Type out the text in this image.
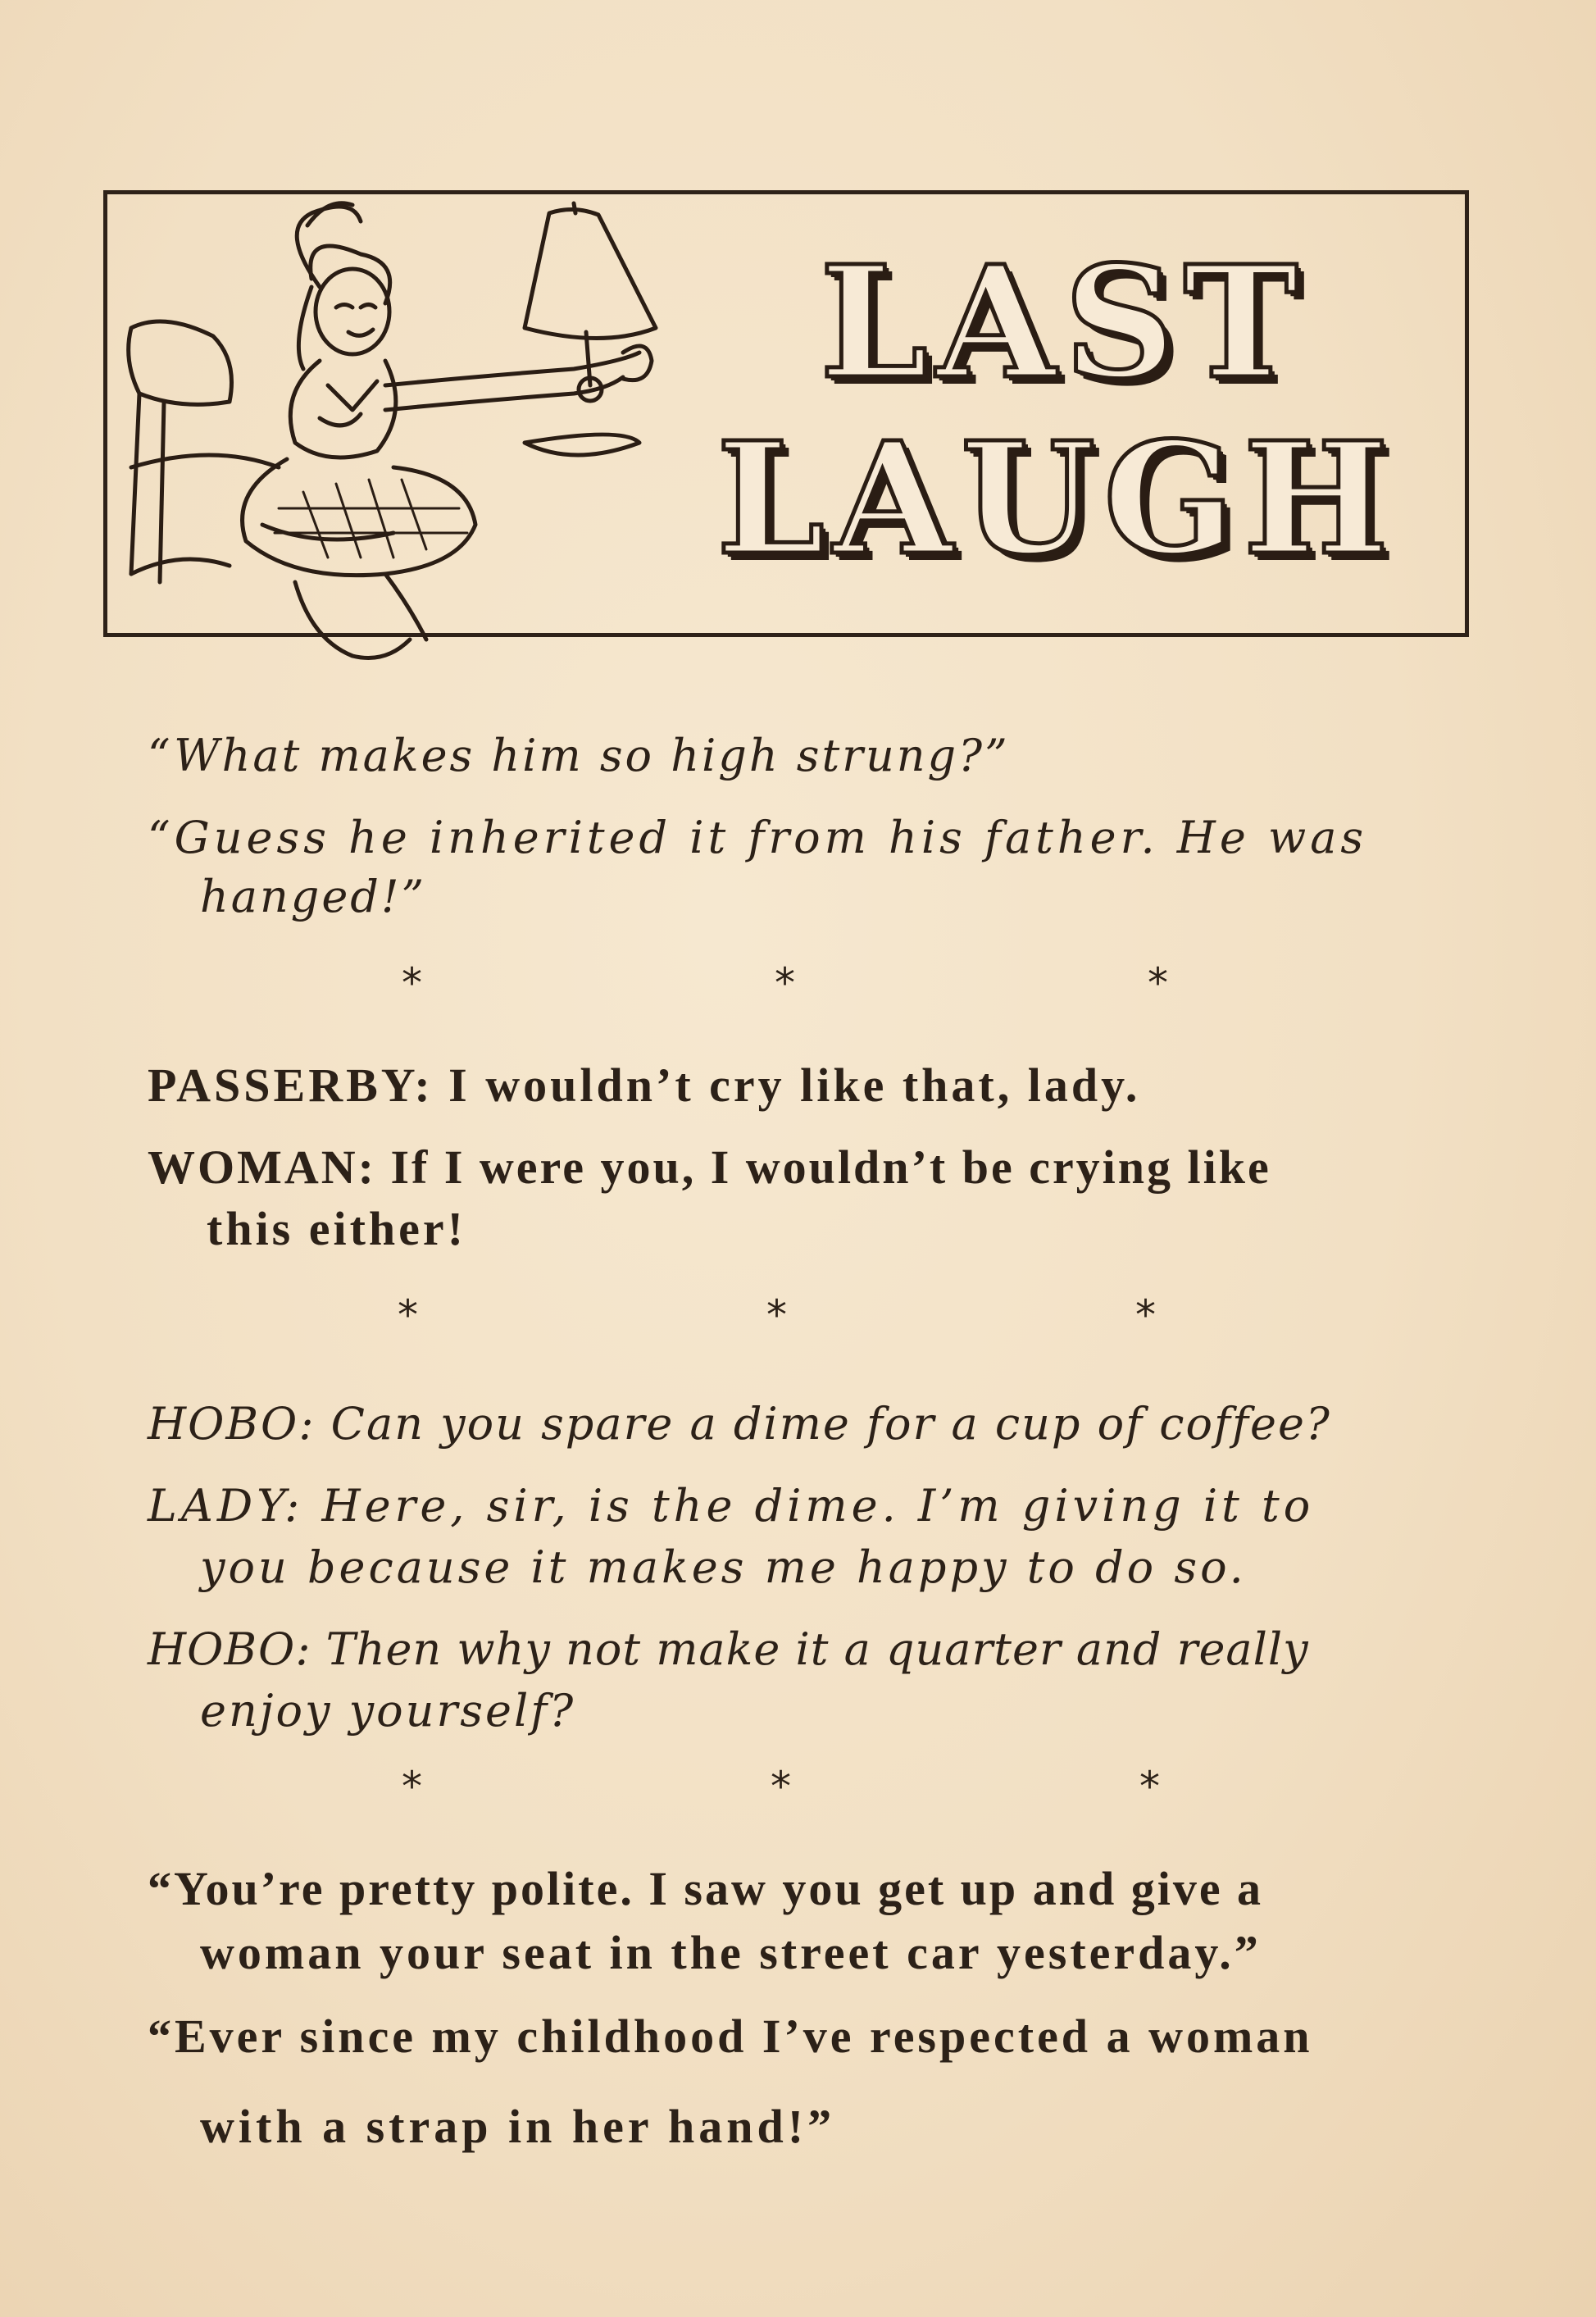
LAST
LAUGH
“What makes him so high strung?”
“Guess he inherited it from his father. He was
hanged!”
*	*	*
PASSERBY: I wouldn’t cry like that, lady.
WOMAN: If I were you, I wouldn’t be crying like
this either!
*	*	*
HOBO: Can you spare a dime for a cup of coffee?
LADY: Here, sir, is the dime. I’m giving it to
you because it makes me happy to do so.
HOBO: Then why not make it a quarter and really
enjoy yourself?
*	*	*
“You’re pretty polite. I saw you get up and give a
woman your seat in the street car yesterday.”
“Ever since my childhood I’ve respected a woman
with a strap in her hand!”
